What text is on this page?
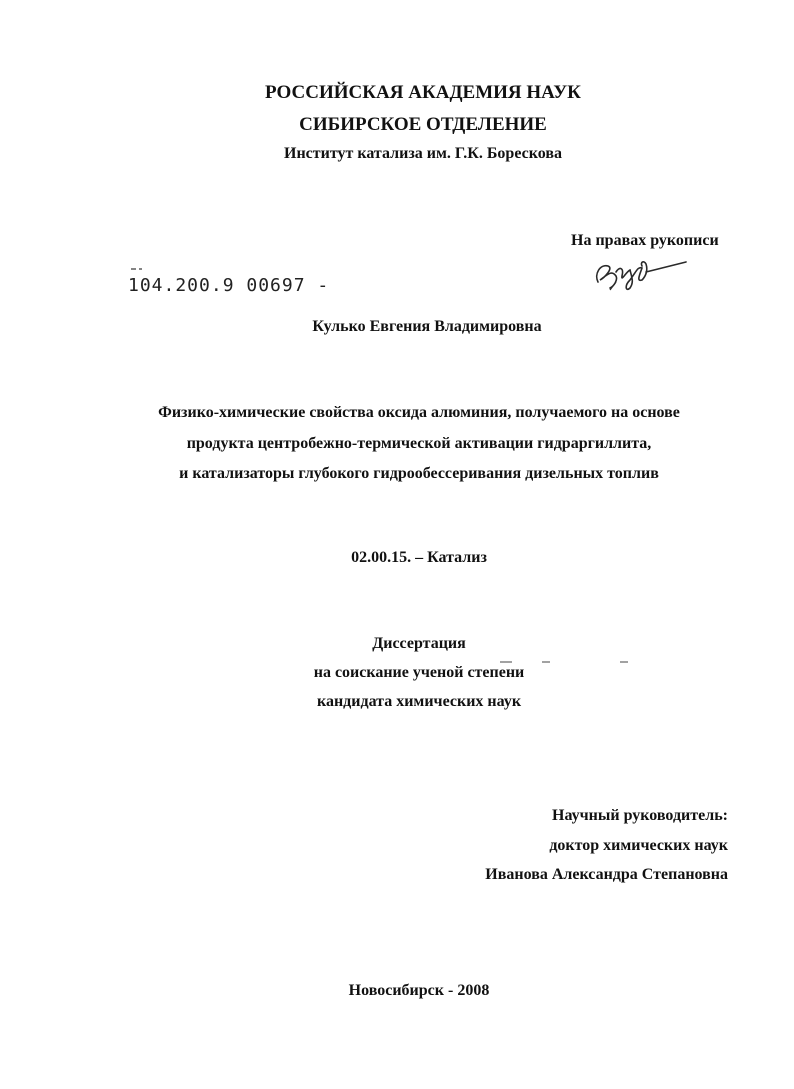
РОССИЙСКАЯ АКАДЕМИЯ НАУК
СИБИРСКОЕ ОТДЕЛЕНИЕ
Институт катализа им. Г.К. Борескова
На правах рукописи
104.200.9 00697 -
Кулько Евгения Владимировна
Физико-химические свойства оксида алюминия, получаемого на основе
продукта центробежно-термической активации гидраргиллита,
и катализаторы глубокого гидрообессеривания дизельных топлив
02.00.15. – Катализ
Диссертация
на соискание ученой степени
кандидата химических наук
Научный руководитель:
доктор химических наук
Иванова Александра Степановна
Новосибирск - 2008
